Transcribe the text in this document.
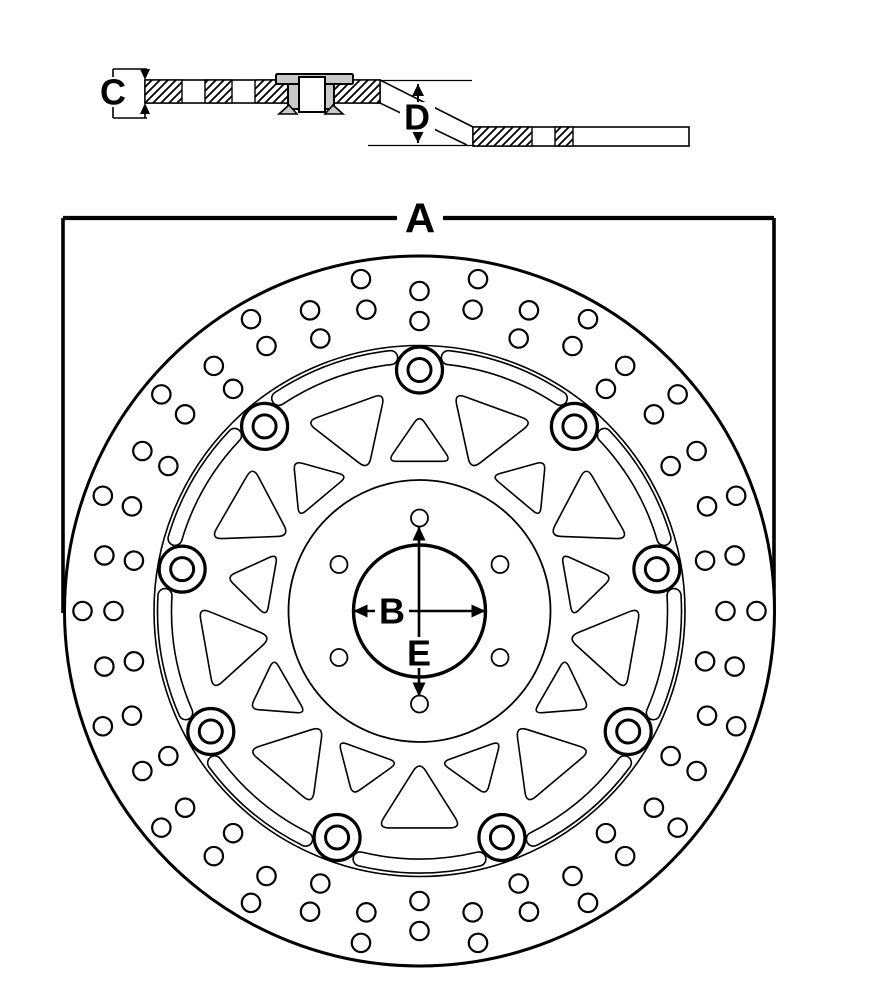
A
C
D
B
E
